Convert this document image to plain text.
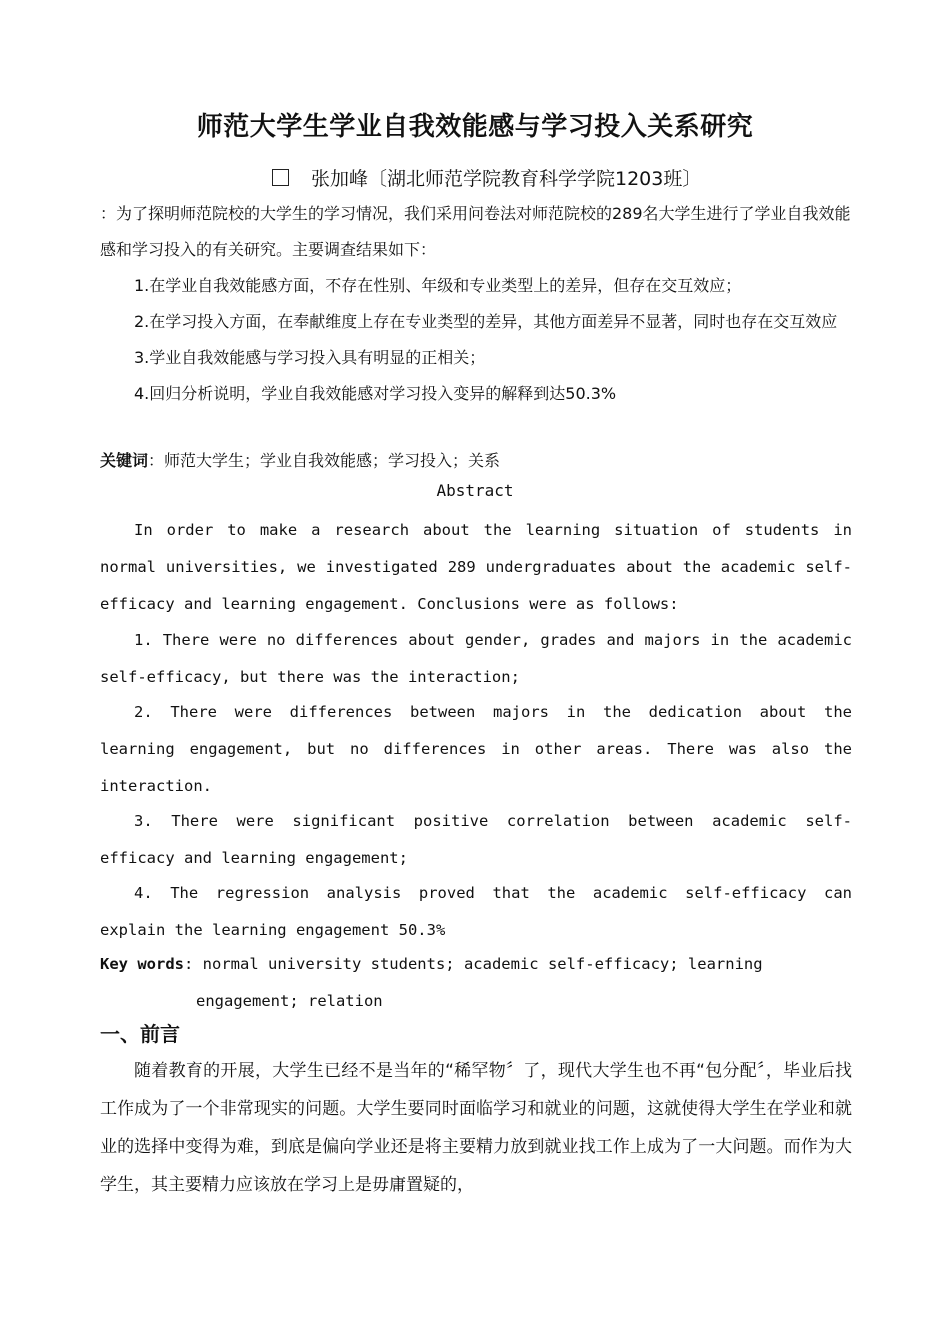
师范大学生学业自我效能感与学习投入关系研究
张加峰〔湖北师范学院教育科学学院1203班〕

：为了探明师范院校的大学生的学习情况，我们采用问卷法对师范院校的289名大学生进行了学业自我效能感和学习投入的有关研究。主要调查结果如下：

1.在学业自我效能感方面，不存在性别、年级和专业类型上的差异，但存在交互效应；
2.在学习投入方面，在奉献维度上存在专业类型的差异，其他方面差异不显著，同时也存在交互效应
3.学业自我效能感与学习投入具有明显的正相关；
4.回归分析说明，学业自我效能感对学习投入变异的解释到达50.3%
关键词：师范大学生；学业自我效能感；学习投入；关系
Abstract

In order to make a research about the learning situation of students in normal universities, we investigated 289 undergraduates about the academic self-efficacy and learning engagement. Conclusions were as follows:

1. There were no differences about gender, grades and majors in the academic self-efficacy, but there was the interaction;

2. There were differences between majors in the dedication about the learning engagement, but no differences in other areas. There was also the interaction.

3. There were significant positive correlation between academic self-efficacy and learning engagement;

4. The regression analysis proved that the academic self-efficacy can explain the learning engagement 50.3%

Key words: normal university students; academic self-efficacy; learning
engagement; relation
一、前言

随着教育的开展，大学生已经不是当年的“稀罕物〞了，现代大学生也不再“包分配〞，毕业后找工作成为了一个非常现实的问题。大学生要同时面临学习和就业的问题，这就使得大学生在学业和就业的选择中变得为难，到底是偏向学业还是将主要精力放到就业找工作上成为了一大问题。而作为大学生，其主要精力应该放在学习上是毋庸置疑的，
